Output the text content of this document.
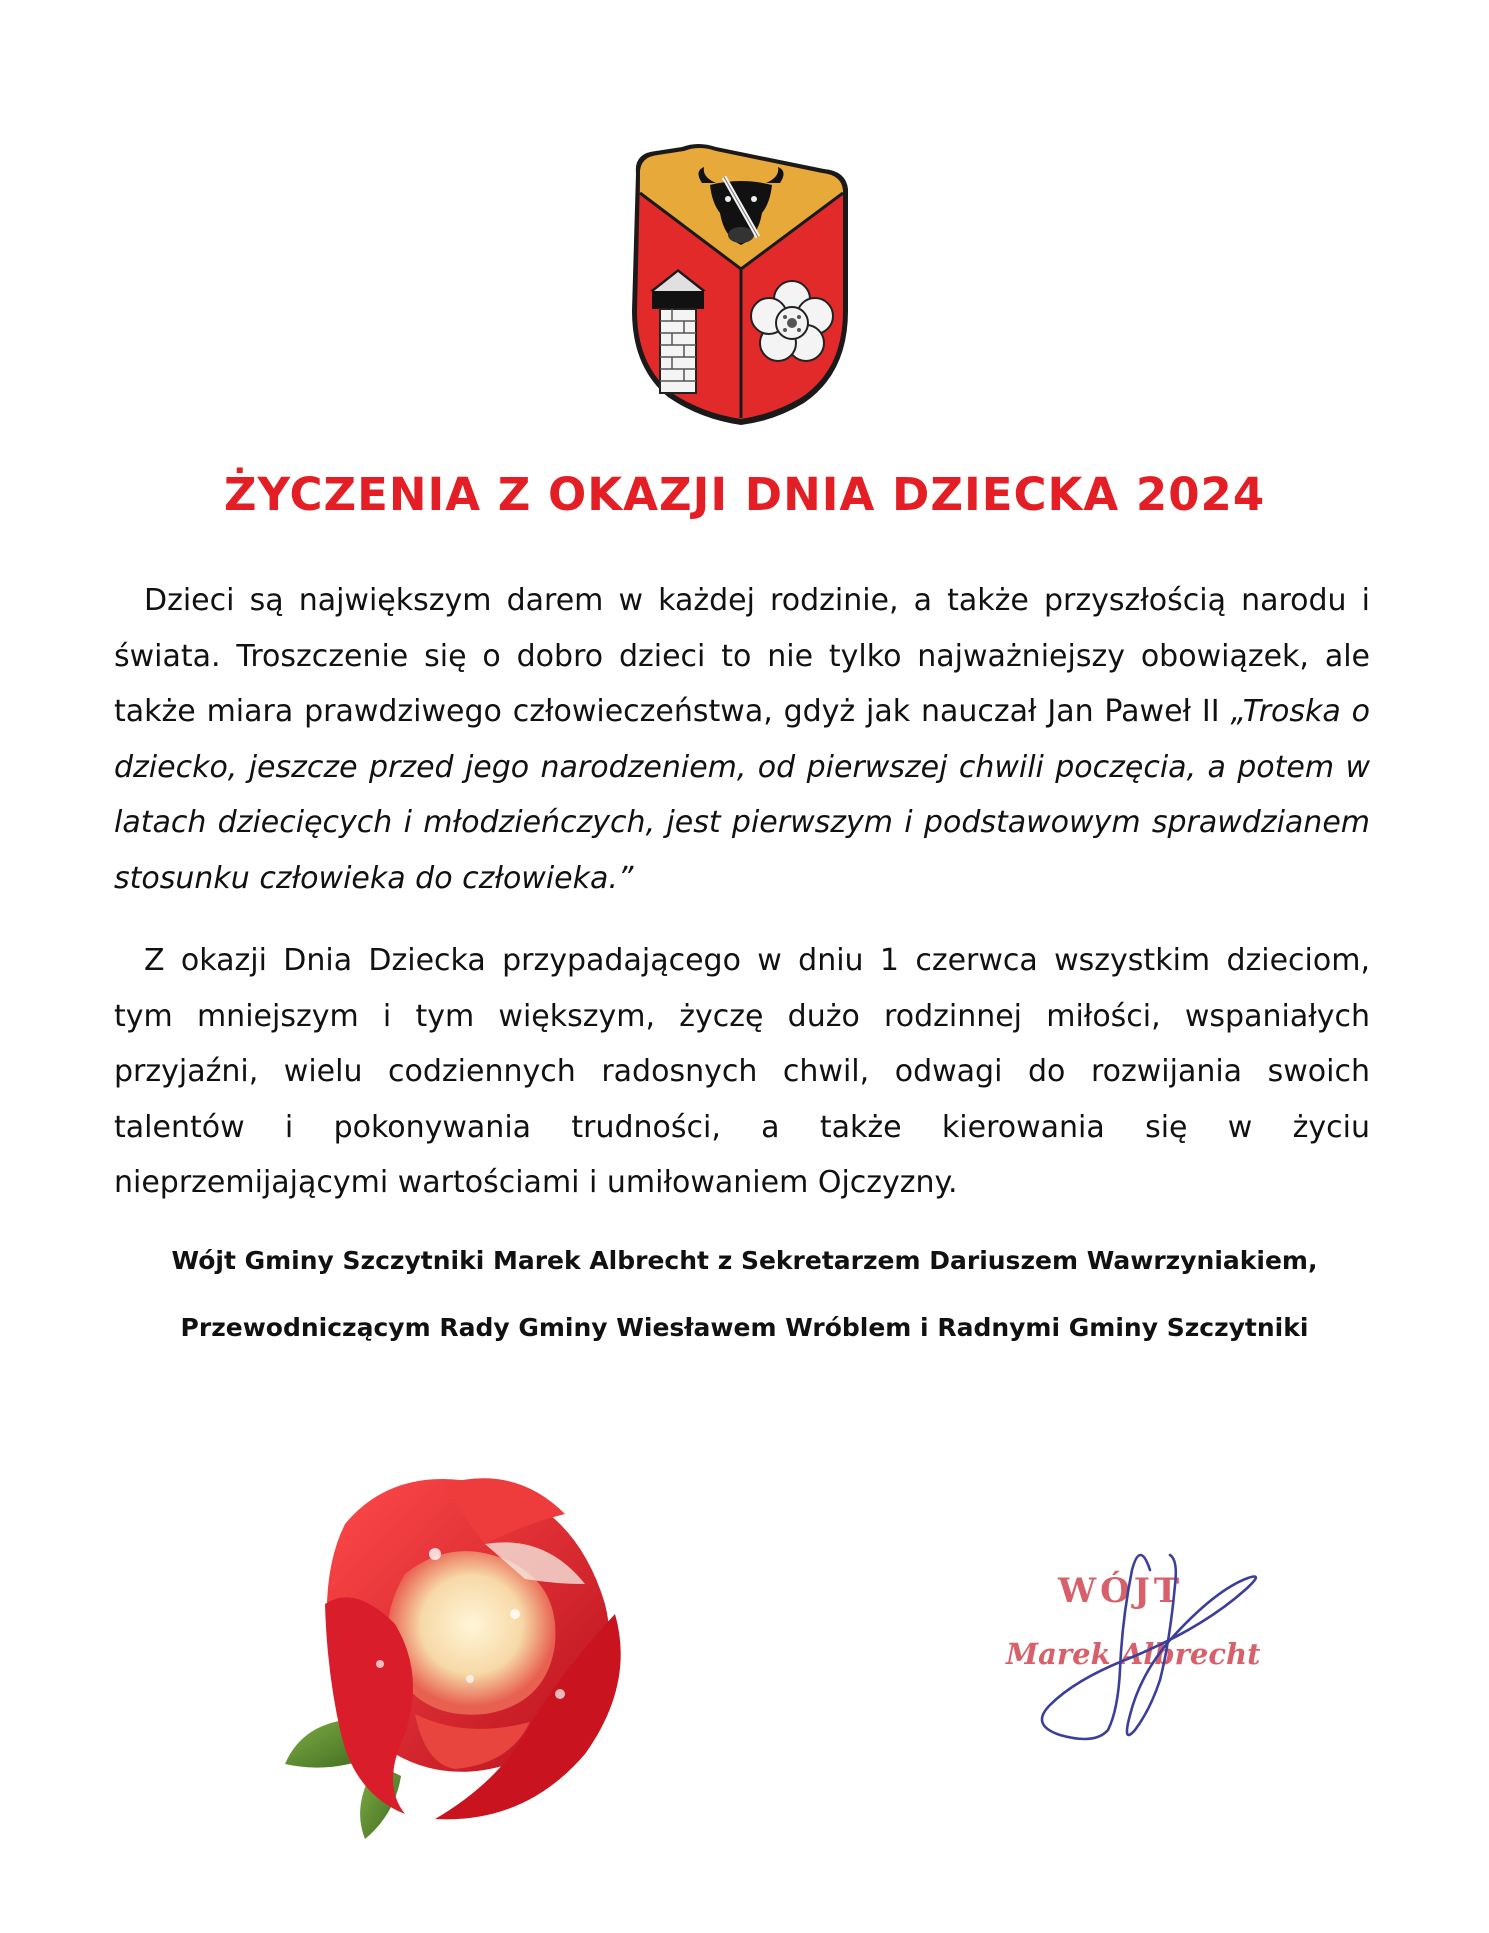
ŻYCZENIA Z OKAZJI DNIA DZIECKA 2024

Dzieci są największym darem w każdej rodzinie, a także przyszłością narodu i świata. Troszczenie się o dobro dzieci to nie tylko najważniejszy obowiązek, ale także miara prawdziwego człowieczeństwa, gdyż jak nauczał Jan Paweł II „Troska o dziecko, jeszcze przed jego narodzeniem, od pierwszej chwili poczęcia, a potem w latach dziecięcych i młodzieńczych, jest pierwszym i podstawowym sprawdzianem stosunku człowieka do człowieka.”

Z okazji Dnia Dziecka przypadającego w dniu 1 czerwca wszystkim dzieciom, tym mniejszym i tym większym, życzę dużo rodzinnej miłości, wspaniałych przyjaźni, wielu codziennych radosnych chwil, odwagi do rozwijania swoich talentów i pokonywania trudności, a także kierowania się w życiu nieprzemijającymi wartościami i umiłowaniem Ojczyzny.

Wójt Gminy Szczytniki Marek Albrecht z Sekretarzem Dariuszem Wawrzyniakiem,

Przewodniczącym Rady Gminy Wiesławem Wróblem i Radnymi Gminy Szczytniki

WÓJT
Marek Albrecht
